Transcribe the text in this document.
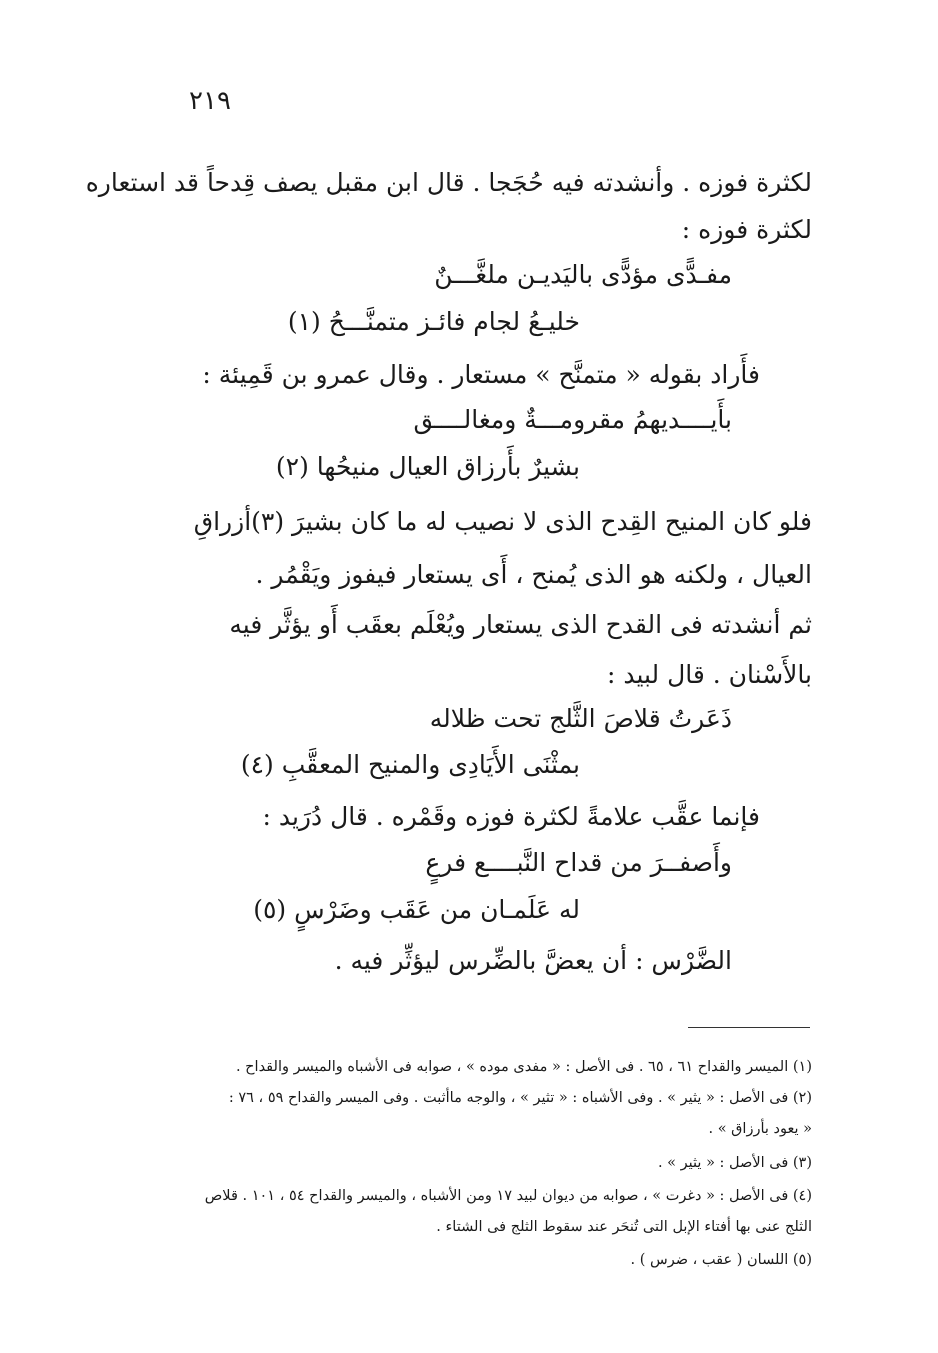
٢١٩
لكثرة فوزه . وأنشدته فيه حُجَجا . قال ابن مقبل يصف قِدحاً قد استعاره
لكثرة فوزه :
مفـدًّى مؤدًّى باليَديـن ملغَّـــنٌ
خليـعُ لجام فائـز متمنَّـــحُ (١)
فأَراد بقوله « متمنَّح » مستعار . وقال عمرو بن قَمِيئة :
بأَيــــديهمُ مقرومـــةٌ ومغالــــق
بشيرٌ بأَرزاق العيال منيحُها (٢)
فلو كان المنيح القِدح الذى لا نصيب له ما كان بشيرَ (٣)أزراقِ
العيال ، ولكنه هو الذى يُمنح ، أَى يستعار فيفوز ويَقْمُر .
ثم أنشدته فى القدح الذى يستعار ويُعْلَم بعقَب أَو يؤثَّر فيه
بالأَسْنان . قال لبيد :
ذَعَرتُ قلاصَ الثَّلج تحت ظلاله
بمثْنَى الأَيَادِى والمنيح المعقَّبِ (٤)
فإنما عقَّب علامةً لكثرة فوزه وقَمْره . قال دُرَيد :
وأَصفــرَ من قداح النَّبــــع فرعٍ
له عَلَمـان من عَقَب وضَرْسٍ (٥)
الضَّرْس : أن يعضَّ بالضِّرس ليؤثِّر فيه .
(١) الميسر والقداح ٦١ ، ٦٥ . فى الأصل : « مفدى موده » ، صوابه فى الأشباه والميسر والقداح .
(٢) فى الأصل : « يثير » . وفى الأشباه : « تثير » ، والوجه ماأثبت . وفى الميسر والقداح ٥٩ ، ٧٦ :
« يعود بأرزاق » .
(٣) فى الأصل : « يثير » .
(٤) فى الأصل : « دغرت » ، صوابه من ديوان لبيد ١٧ ومن الأشباه ، والميسر والقداح ٥٤ ، ١٠١ . قلاص
الثلج عنى بها أفتاء الإبل التى تُنحَر عند سقوط الثلج فى الشتاء .
(٥) اللسان ( عقب ، ضرس ) .
